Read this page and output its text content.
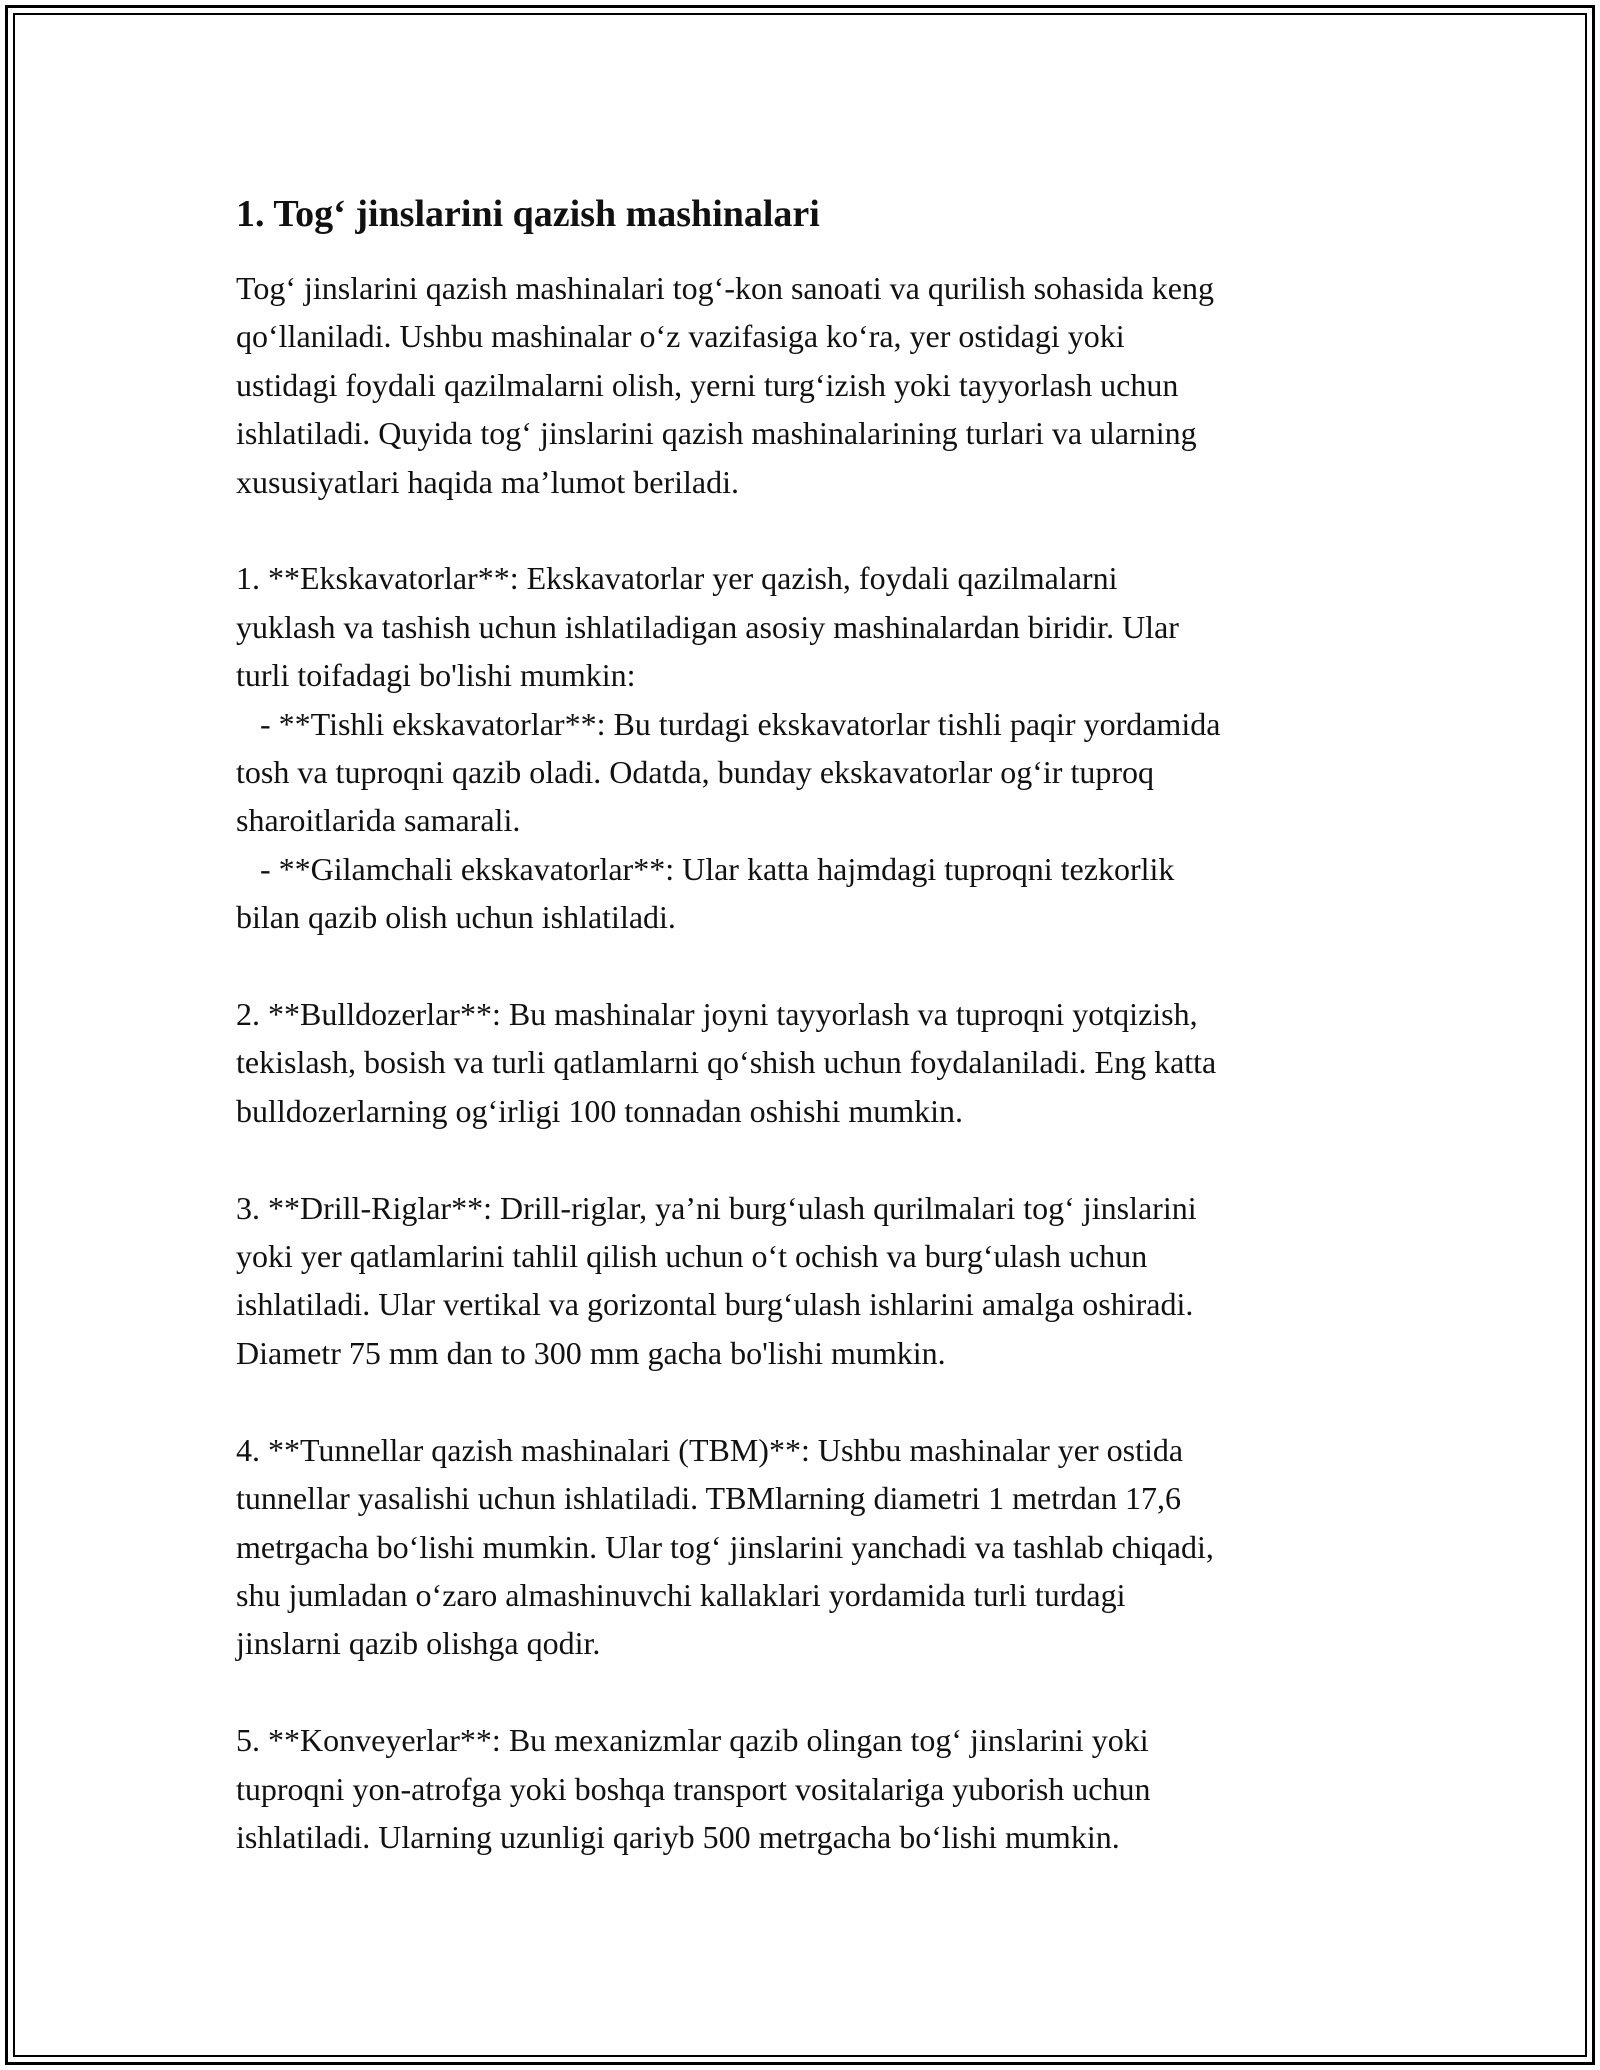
1. Tog‘ jinslarini qazish mashinalari

Tog‘ jinslarini qazish mashinalari tog‘-kon sanoati va qurilish sohasida keng
qo‘llaniladi. Ushbu mashinalar o‘z vazifasiga ko‘ra, yer ostidagi yoki
ustidagi foydali qazilmalarni olish, yerni turg‘izish yoki tayyorlash uchun
ishlatiladi. Quyida tog‘ jinslarini qazish mashinalarining turlari va ularning
xususiyatlari haqida ma’lumot beriladi.

1. **Ekskavatorlar**: Ekskavatorlar yer qazish, foydali qazilmalarni
yuklash va tashish uchun ishlatiladigan asosiy mashinalardan biridir. Ular
turli toifadagi bo'lishi mumkin:
- **Tishli ekskavatorlar**: Bu turdagi ekskavatorlar tishli paqir yordamida
tosh va tuproqni qazib oladi. Odatda, bunday ekskavatorlar og‘ir tuproq
sharoitlarida samarali.
- **Gilamchali ekskavatorlar**: Ular katta hajmdagi tuproqni tezkorlik
bilan qazib olish uchun ishlatiladi.

2. **Bulldozerlar**: Bu mashinalar joyni tayyorlash va tuproqni yotqizish,
tekislash, bosish va turli qatlamlarni qo‘shish uchun foydalaniladi. Eng katta
bulldozerlarning og‘irligi 100 tonnadan oshishi mumkin.

3. **Drill-Riglar**: Drill-riglar, ya’ni burg‘ulash qurilmalari tog‘ jinslarini
yoki yer qatlamlarini tahlil qilish uchun o‘t ochish va burg‘ulash uchun
ishlatiladi. Ular vertikal va gorizontal burg‘ulash ishlarini amalga oshiradi.
Diametr 75 mm dan to 300 mm gacha bo'lishi mumkin.

4. **Tunnellar qazish mashinalari (TBM)**: Ushbu mashinalar yer ostida
tunnellar yasalishi uchun ishlatiladi. TBMlarning diametri 1 metrdan 17,6
metrgacha bo‘lishi mumkin. Ular tog‘ jinslarini yanchadi va tashlab chiqadi,
shu jumladan o‘zaro almashinuvchi kallaklari yordamida turli turdagi
jinslarni qazib olishga qodir.

5. **Konveyerlar**: Bu mexanizmlar qazib olingan tog‘ jinslarini yoki
tuproqni yon-atrofga yoki boshqa transport vositalariga yuborish uchun
ishlatiladi. Ularning uzunligi qariyb 500 metrgacha bo‘lishi mumkin.
